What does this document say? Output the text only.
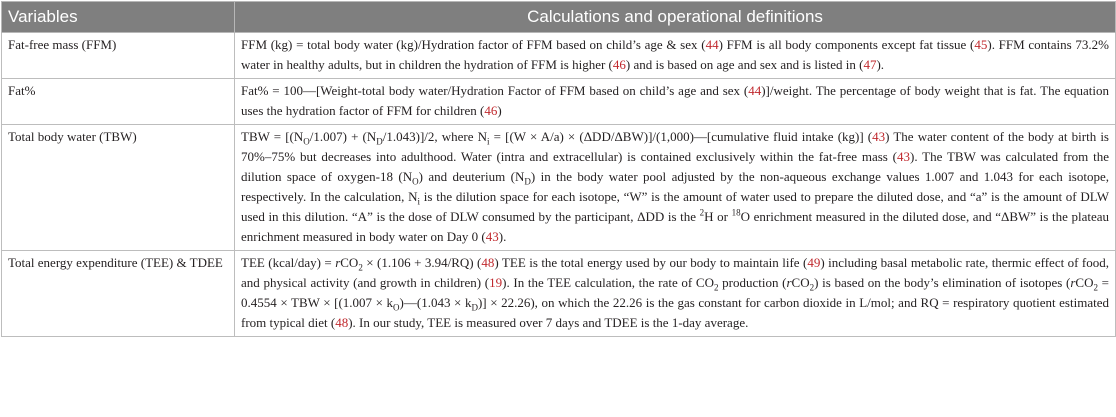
Variables	Calculations and operational definitions
Fat-free mass (FFM)	FFM (kg) = total body water (kg)/Hydration factor of FFM based on child’s age & sex (44) FFM is all body components except fat tissue (45). FFM contains 73.2% water in healthy adults, but in children the hydration of FFM is higher (46) and is based on age and sex and is listed in (47).
Fat%	Fat% = 100—[Weight-total body water/Hydration Factor of FFM based on child’s age and sex (44)]/weight. The percentage of body weight that is fat. The equation uses the hydration factor of FFM for children (46)
Total body water (TBW)	TBW = $[(N_O/1.007) + (N_D/1.043)]/2$, where $N_i = [(W \times A/a)$ × (ΔDD/ΔBW)]/(1,000)—[cumulative fluid intake (kg)] (43) The water content of the body at birth is 70%–75% but decreases into adulthood. Water (intra and extracellular) is contained exclusively within the fat-free mass (43). The TBW was calculated from the dilution space of oxygen-18 $(N_O)$ and deuterium $(N_D)$ in the body water pool adjusted by the non-aqueous exchange values 1.007 and 1.043 for each isotope, respectively. In the calculation, $N_i$ is the dilution space for each isotope, “W” is the amount of water used to prepare the diluted dose, and “a” is the amount of DLW used in this dilution. “A” is the dose of DLW consumed by the participant, ΔDD is the $^2$H or $^{18}$O enrichment measured in the diluted dose, and “ΔBW” is the plateau enrichment measured in body water on Day 0 (43).
Total energy expenditure (TEE) & TDEE	TEE (kcal/day) = rCO$_2$ × (1.106 + 3.94/RQ) (48) TEE is the total energy used by our body to maintain life (49) including basal metabolic rate, thermic effect of food, and physical activity (and growth in children) (19). In the TEE calculation, the rate of $CO_2$ production (rCO$_2$) is based on the body’s elimination of isotopes (rCO$_2$ = 0.4554 × TBW × $[(1.007 \times k_O)—(1.043 \times k_D)] \times 22.26$), on which the 22.26 is the gas constant for carbon dioxide in L/mol; and RQ = respiratory quotient estimated from typical diet (48). In our study, TEE is measured over 7 days and TDEE is the 1-day average.
